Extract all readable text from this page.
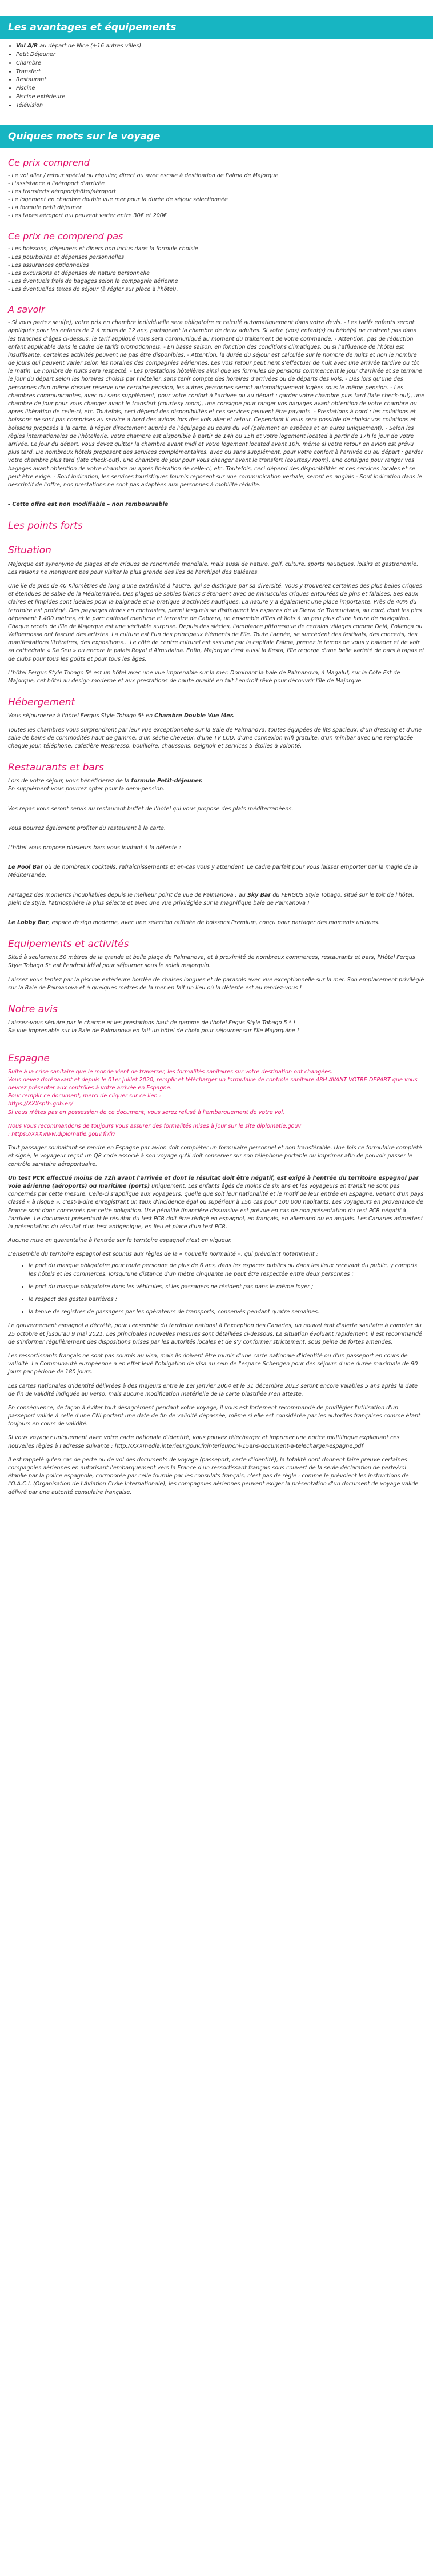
Les avantages et équipements
• Vol A/R au départ de Nice (+16 autres villes)
• Petit Déjeuner
• Chambre
• Transfert
• Restaurant
• Piscine
• Piscine extérieure
• Télévision
Quiques mots sur le voyage
Ce prix comprend
- Le vol aller / retour spécial ou régulier, direct ou avec escale à destination de Palma de Majorque
- L'assistance à l'aéroport d'arrivée
- Les transferts aéroport/hôtel/aéroport
- Le logement en chambre double vue mer pour la durée de séjour sélectionnée
- La formule petit déjeuner
- Les taxes aéroport qui peuvent varier entre 30€ et 200€
Ce prix ne comprend pas
- Les boissons, déjeuners et dîners non inclus dans la formule choisie
- Les pourboires et dépenses personnelles
- Les assurances optionnelles
- Les excursions et dépenses de nature personnelle
- Les éventuels frais de bagages selon la compagnie aérienne
- Les éventuelles taxes de séjour (à régler sur place à l'hôtel).
A savoir

- Si vous partez seul(e), votre prix en chambre individuelle sera obligatoire et calculé automatiquement dans votre devis. - Les tarifs enfants seront appliqués pour les enfants de 2 à moins de 12 ans, partageant la chambre de deux adultes. Si votre (vos) enfant(s) ou bébé(s) ne rentrent pas dans les tranches d'âges ci-dessus, le tarif appliqué vous sera communiqué au moment du traitement de votre commande. - Attention, pas de réduction enfant applicable dans le cadre de tarifs promotionnels. - En basse saison, en fonction des conditions climatiques, ou si l'affluence de l'hôtel est insuffisante, certaines activités peuvent ne pas être disponibles. - Attention, la durée du séjour est calculée sur le nombre de nuits et non le nombre de jours qui peuvent varier selon les horaires des compagnies aériennes. Les vols retour peut nent s'effectuer de nuit avec une arrivée tardive ou tôt le matin. Le nombre de nuits sera respecté. - Les prestations hôtelières ainsi que les formules de pensions commencent le jour d'arrivée et se termine le jour du départ selon les horaires choisis par l'hôtelier, sans tenir compte des horaires d'arrivées ou de départs des vols. - Dès lors qu'une des personnes d'un même dossier réserve une certaine pension, les autres personnes seront automatiquement logées sous le même pension. - Les chambres communicantes, avec ou sans supplément, pour votre confort à l'arrivée ou au départ : garder votre chambre plus tard (late check-out), une chambre de jour pour vous changer avant le transfert (courtesy room), une consigne pour ranger vos bagages avant obtention de votre chambre ou après libération de celle-ci, etc. Toutefois, ceci dépend des disponibilités et ces services peuvent être payants. - Prestations à bord : les collations et boissons ne sont pas comprises au service à bord des avions lors des vols aller et retour. Cependant il vous sera possible de choisir vos collations et boissons proposés à la carte, à régler directement auprès de l'équipage au cours du vol (paiement en espèces et en euros uniquement). - Selon les règles internationales de l'hôtellerie, votre chambre est disponible à partir de 14h ou 15h et votre logement located à partir de 17h le jour de votre arrivée. Le jour du départ, vous devez quitter la chambre avant midi et votre logement located avant 10h, même si votre retour en avion est prévu plus tard. De nombreux hôtels proposent des services complémentaires, avec ou sans supplément, pour votre confort à l'arrivée ou au départ : garder votre chambre plus tard (late check-out), une chambre de jour pour vous changer avant le transfert (courtesy room), une consigne pour ranger vos bagages avant obtention de votre chambre ou après libération de celle-ci, etc. Toutefois, ceci dépend des disponibilités et ces services locales et se peut être exigé. - Souf indication, les services touristiques fournis reposent sur une communication verbale, seront en anglais - Souf indication dans le descriptif de l'offre, nos prestations ne sont pas adaptées aux personnes à mobilité réduite.

- Cette offre est non modifiable – non remboursable

Les points forts
Situation

Majorque est synonyme de plages et de criques de renommée mondiale, mais aussi de nature, golf, culture, sports nautiques, loisirs et gastronomie. Les raisons ne manquent pas pour visiter la plus grande des îles de l'archipel des Baléares.

Une île de près de 40 Kilomètres de long d'une extrémité à l'autre, qui se distingue par sa diversité. Vous y trouverez certaines des plus belles criques et étendues de sable de la Méditerranée. Des plages de sables blancs s'étendent avec de minuscules criques entourées de pins et falaises. Ses eaux claires et limpides sont idéales pour la baignade et la pratique d'activités nautiques. La nature y a également une place importante. Près de 40% du territoire est protégé. Des paysages riches en contrastes, parmi lesquels se distinguent les espaces de la Sierra de Tramuntana, au nord, dont les pics dépassent 1.400 mètres, et le parc national maritime et terrestre de Cabrera, un ensemble d'îles et îlots à un peu plus d'une heure de navigation. Chaque recoin de l'île de Majorque est une véritable surprise. Depuis des siècles, l'ambiance pittoresque de certains villages comme Deià, Pollença ou Valldemossa ont fasciné des artistes. La culture est l'un des principaux éléments de l'île. Toute l'année, se succèdent des festivals, des concerts, des manifestations littéraires, des expositions... Le côté de centre culturel est assumé par la capitale Palma, prenez le temps de vous y balader et de voir sa cathédrale « Sa Seu » ou encore le palais Royal d'Almudaina. Enfin, Majorque c'est aussi la fiesta, l'île regorge d'une belle variété de bars à tapas et de clubs pour tous les goûts et pour tous les âges.

L'hôtel Fergus Style Tobago 5* est un hôtel avec une vue imprenable sur la mer. Dominant la baie de Palmanova, à Magaluf, sur la Côte Est de Majorque, cet hôtel au design moderne et aux prestations de haute qualité en fait l'endroit rêvé pour découvrir l'île de Majorque.

Hébergement

Vous séjournerez à l'hôtel Fergus Style Tobago 5* en Chambre Double Vue Mer.

Toutes les chambres vous surprendront par leur vue exceptionnelle sur la Baie de Palmanova, toutes équipées de lits spacieux, d'un dressing et d'une salle de bains de commodités haut de gamme, d'un sèche cheveux, d'une TV LCD, d'une connexion wifi gratuite, d'un minibar avec une remplacée chaque jour, téléphone, cafetière Nespresso, bouilloire, chaussons, peignoir et services 5 étoiles à volonté.

Restaurants et bars
Lors de votre séjour, vous bénéficierez de la formule Petit-déjeuner.

En supplément vous pourrez opter pour la demi-pension.

Vos repas vous seront servis au restaurant buffet de l'hôtel qui vous propose des plats méditerranéens.

Vous pourrez également profiter du restaurant à la carte.

L'hôtel vous propose plusieurs bars vous invitant à la détente :

Le Pool Bar où de nombreux cocktails, rafraîchissements et en-cas vous y attendent. Le cadre parfait pour vous laisser emporter par la magie de la Méditerranée.

Partagez des moments inoubliables depuis le meilleur point de vue de Palmanova : au Sky Bar du FERGUS Style Tobago, situé sur le toit de l'hôtel, plein de style, l'atmosphère la plus sélecte et avec une vue privilégiée sur la magnifique baie de Palmanova !

Le Lobby Bar, espace design moderne, avec une sélection raffinée de boissons Premium, conçu pour partager des moments uniques.

Equipements et activités

Situé à seulement 50 mètres de la grande et belle plage de Palmanova, et à proximité de nombreux commerces, restaurants et bars, l'Hôtel Fergus Style Tobago 5* est l'endroit idéal pour séjourner sous le soleil majorquin.

Laissez vous tentez par la piscine extérieure bordée de chaises longues et de parasols avec vue exceptionnelle sur la mer. Son emplacement privilégié sur la Baie de Palmanova et à quelques mètres de la mer en fait un lieu où la détente est au rendez-vous !

Notre avis
Laissez-vous séduire par le charme et les prestations haut de gamme de l'hôtel Fegus Style Tobago 5 * !
Sa vue imprenable sur la Baie de Palmanova en fait un hôtel de choix pour séjourner sur l'île Majorquine !
Espagne
Suite à la crise sanitaire que le monde vient de traverser, les formalités sanitaires sur votre destination ont changées.
Vous devez dorénavant et depuis le 01er juillet 2020, remplir et télécharger un formulaire de contrôle sanitaire 48H AVANT VOTRE DEPART que vous devrez présenter aux contrôles à votre arrivée en Espagne.
Pour remplir ce document, merci de cliquer sur ce lien :
https://XXXspth.gob.es/
Si vous n'êtes pas en possession de ce document, vous serez refusé à l'embarquement de votre vol.
Nous vous recommandons de toujours vous assurer des formalités mises à jour sur le site diplomatie.gouv
: https://XXXwww.diplomatie.gouv.fr/fr/

Tout passager souhaitant se rendre en Espagne par avion doit compléter un formulaire personnel et non transférable. Une fois ce formulaire complété et signé, le voyageur reçoit un QR code associé à son voyage qu'il doit conserver sur son téléphone portable ou imprimer afin de pouvoir passer le contrôle sanitaire aéroportuaire.

Un test PCR effectué moins de 72h avant l'arrivée et dont le résultat doit être négatif, est exigé à l'entrée du territoire espagnol par voie aérienne (aéroports) ou maritime (ports) uniquement. Les enfants âgés de moins de six ans et les voyageurs en transit ne sont pas concernés par cette mesure. Celle-ci s'applique aux voyageurs, quelle que soit leur nationalité et le motif de leur entrée en Espagne, venant d'un pays classé « à risque », c'est-à-dire enregistrant un taux d'incidence égal ou supérieur à 150 cas pour 100 000 habitants. Les voyageurs en provenance de France sont donc concernés par cette obligation. Une pénalité financière dissuasive est prévue en cas de non présentation du test PCR négatif à l'arrivée. Le document présentant le résultat du test PCR doit être rédigé en espagnol, en français, en allemand ou en anglais. Les Canaries admettent la présentation du résultat d'un test antigénique, en lieu et place d'un test PCR.

Aucune mise en quarantaine à l'entrée sur le territoire espagnol n'est en vigueur.

L'ensemble du territoire espagnol est soumis aux règles de la « nouvelle normalité », qui prévoient notamment :
• le port du masque obligatoire pour toute personne de plus de 6 ans, dans les espaces publics ou dans les lieux recevant du public, y compris les hôtels et les commerces, lorsqu'une distance d'un mètre cinquante ne peut être respectée entre deux personnes ;
• le port du masque obligatoire dans les véhicules, si les passagers ne résident pas dans le même foyer ;
• le respect des gestes barrières ;
• la tenue de registres de passagers par les opérateurs de transports, conservés pendant quatre semaines.

Le gouvernement espagnol a décrété, pour l'ensemble du territoire national à l'exception des Canaries, un nouvel état d'alerte sanitaire à compter du 25 octobre et jusqu'au 9 mai 2021. Les principales nouvelles mesures sont détaillées ci-dessous. La situation évoluant rapidement, il est recommandé de s'informer régulièrement des dispositions prises par les autorités locales et de s'y conformer strictement, sous peine de fortes amendes.

Les ressortissants français ne sont pas soumis au visa, mais ils doivent être munis d'une carte nationale d'identité ou d'un passeport en cours de validité. La Communauté européenne a en effet levé l'obligation de visa au sein de l'espace Schengen pour des séjours d'une durée maximale de 90 jours par période de 180 jours.

Les cartes nationales d'identité délivrées à des majeurs entre le 1er janvier 2004 et le 31 décembre 2013 seront encore valables 5 ans après la date de fin de validité indiquée au verso, mais aucune modification matérielle de la carte plastifiée n'en atteste.

En conséquence, de façon à éviter tout désagrément pendant votre voyage, il vous est fortement recommandé de privilégier l'utilisation d'un passeport valide à celle d'une CNI portant une date de fin de validité dépassée, même si elle est considérée par les autorités françaises comme étant toujours en cours de validité.

Si vous voyagez uniquement avec votre carte nationale d'identité, vous pouvez télécharger et imprimer une notice multilingue expliquant ces nouvelles règles à l'adresse suivante : http://XXXmedia.interieur.gouv.fr/interieur/cni-15ans-document-a-telecharger-espagne.pdf

Il est rappelé qu'en cas de perte ou de vol des documents de voyage (passeport, carte d'identité), la totalité dont donnent faire preuve certaines compagnies aériennes en autorisant l'embarquement vers la France d'un ressortissant français sous couvert de la seule déclaration de perte/vol établie par la police espagnole, corroborée par celle fournie par les consulats français, n'est pas de règle : comme le prévoient les instructions de l'O.A.C.I. (Organisation de l'Aviation Civile Internationale), les compagnies aériennes peuvent exiger la présentation d'un document de voyage valide délivré par une autorité consulaire française.
